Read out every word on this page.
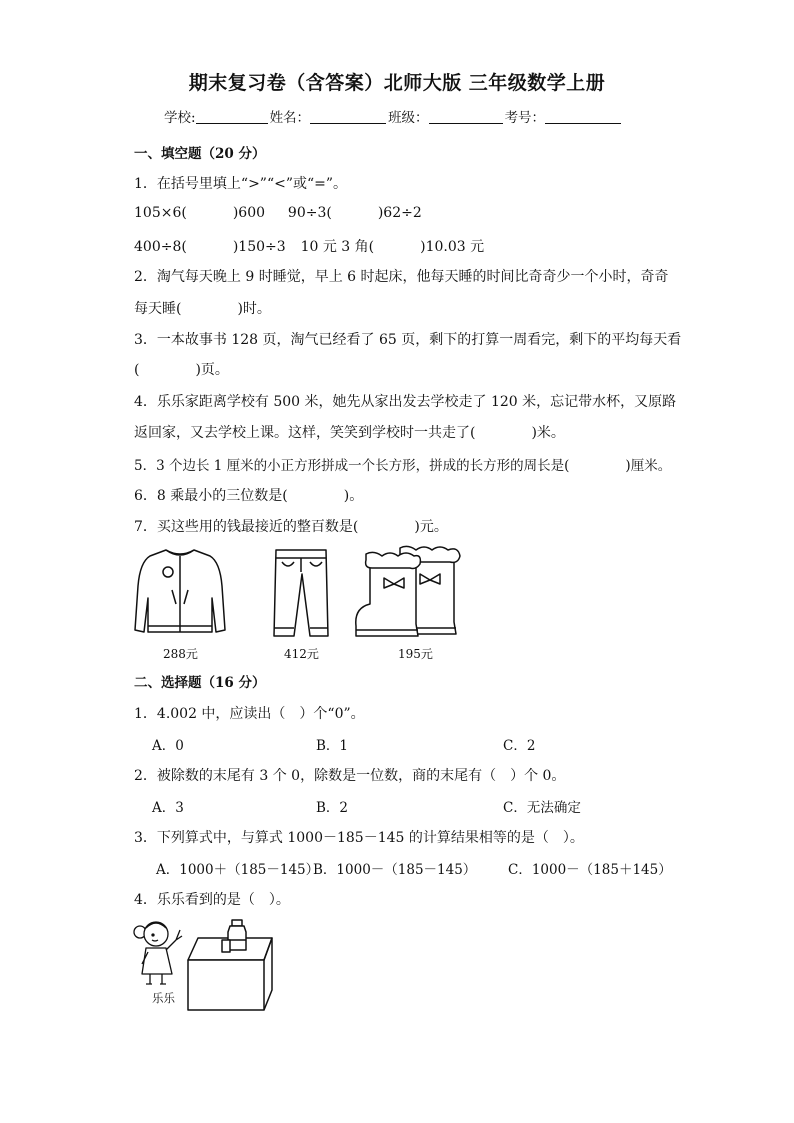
期末复习卷（含答案）北师大版 三年级数学上册
学校:	姓名：	班级：	考号：
一、填空题（20 分）
1．在括号里填上“>”“<”或“=”。
105×6(	)600 90÷3(	)62÷2
400÷8(	)150÷3 10 元 3 角(	)10.03 元
2．淘气每天晚上 9 时睡觉，早上 6 时起床，他每天睡的时间比奇奇少一个小时，奇奇
每天睡(	)时。
3．一本故事书 128 页，淘气已经看了 65 页，剩下的打算一周看完，剩下的平均每天看
(	)页。
4．乐乐家距离学校有 500 米，她先从家出发去学校走了 120 米，忘记带水杯，又原路
返回家，又去学校上课。这样，笑笑到学校时一共走了(	)米。
5．3 个边长 1 厘米的小正方形拼成一个长方形，拼成的长方形的周长是(	)厘米。
6．8 乘最小的三位数是(	)。
7．买这些用的钱最接近的整百数是(	)元。
288元	412元	195元
二、选择题（16 分）
1．4.002 中，应读出（　）个“0”。
A．0	B．1	C．2
2．被除数的末尾有 3 个 0，除数是一位数，商的末尾有（　）个 0。
A．3	B．2	C．无法确定
3．下列算式中，与算式 1000－185－145 的计算结果相等的是（　）。
A．1000＋（185－145）
B．1000－（185－145） C．1000－（185＋145）
4．乐乐看到的是（　）。
乐乐
